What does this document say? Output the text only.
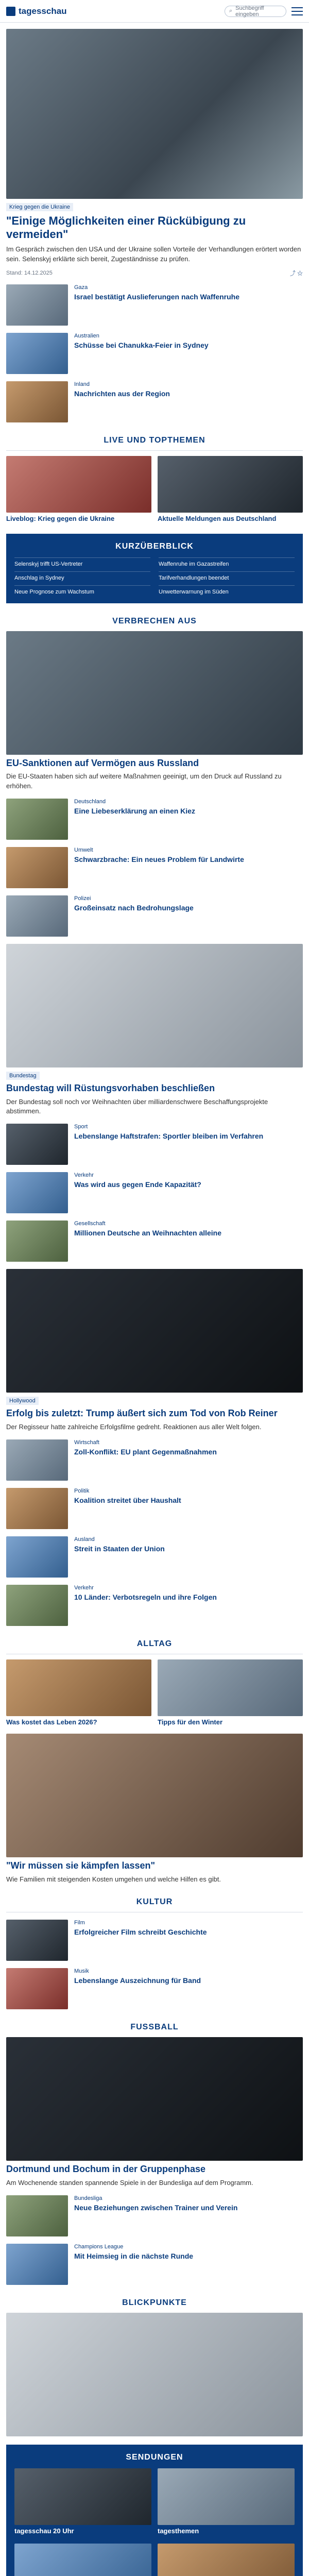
tagesschau	⌕ Suchbegriff eingeben
Krieg gegen die Ukraine
"Einige Möglichkeiten einer Rückübigung zu vermeiden"

Im Gespräch zwischen den USA und der Ukraine sollen Vorteile der Verhandlungen erörtert worden sein. Selenskyj erklärte sich bereit, Zugeständnisse zu prüfen.

Stand: 14.12.2025	⤴ ☆
Gaza
Israel bestätigt Auslieferungen nach Waffenruhe
Australien
Schüsse bei Chanukka-Feier in Sydney
Inland
Nachrichten aus der Region
LIVE UND TOPTHEMEN
Liveblog: Krieg gegen die Ukraine	Aktuelle Meldungen aus Deutschland
KURZÜBERBLICK
Selenskyj trifft US-Vertreter	Waffenruhe im Gazastreifen
Anschlag in Sydney	Tarifverhandlungen beendet
Neue Prognose zum Wachstum	Unwetterwarnung im Süden
VERBRECHEN AUS
EU-Sanktionen auf Vermögen aus Russland

Die EU-Staaten haben sich auf weitere Maßnahmen geeinigt, um den Druck auf Russland zu erhöhen.

Deutschland
Eine Liebeserklärung an einen Kiez
Umwelt
Schwarzbrache: Ein neues Problem für Landwirte
Polizei
Großeinsatz nach Bedrohungslage
Bundestag
Bundestag will Rüstungsvorhaben beschließen

Der Bundestag soll noch vor Weihnachten über milliardenschwere Beschaffungsprojekte abstimmen.

Sport
Lebenslange Haftstrafen: Sportler bleiben im Verfahren
Verkehr
Was wird aus gegen Ende Kapazität?
Gesellschaft
Millionen Deutsche an Weihnachten alleine
Hollywood
Erfolg bis zuletzt: Trump äußert sich zum Tod von Rob Reiner

Der Regisseur hatte zahlreiche Erfolgsfilme gedreht. Reaktionen aus aller Welt folgen.

Wirtschaft
Zoll-Konflikt: EU plant Gegenmaßnahmen
Politik
Koalition streitet über Haushalt
Ausland
Streit in Staaten der Union
Verkehr
10 Länder: Verbotsregeln und ihre Folgen
ALLTAG
Was kostet das Leben 2026?	Tipps für den Winter
"Wir müssen sie kämpfen lassen"

Wie Familien mit steigenden Kosten umgehen und welche Hilfen es gibt.

KULTUR
Film
Erfolgreicher Film schreibt Geschichte
Musik
Lebenslange Auszeichnung für Band
FUSSBALL
Dortmund und Bochum in der Gruppenphase

Am Wochenende standen spannende Spiele in der Bundesliga auf dem Programm.

Bundesliga
Neue Beziehungen zwischen Trainer und Verein
Champions League
Mit Heimsieg in die nächste Runde
BLICKPUNKTE
SENDUNGEN
tagesschau 20 Uhr	tagesthemen
